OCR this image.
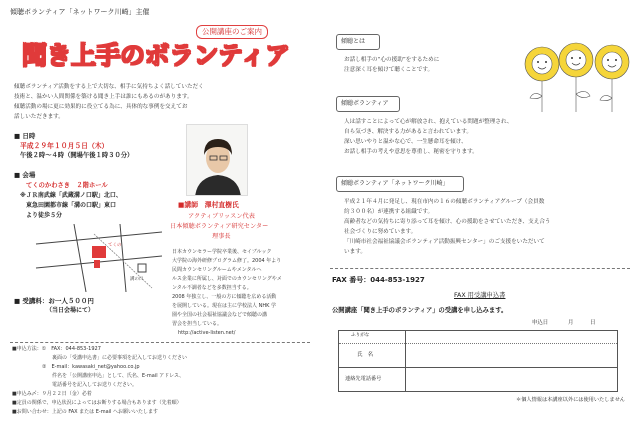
傾聴ボランティア「ネットワーク川崎」主催
公開講座のご案内
聞き上手のボランティア
傾聴ボランティア活動をする上で大切な、相手に気持ちよく話していただく
技術と、温かい人間関係を築ける聞き上手は誰にもあるのがあります。
傾聴活動の場に更に効果的に役立てる為に、具体的な事例を交えてお
話しいただきます。
■ 日時
平成２９年１０月５日（木）
午後２時～４時（開場午後１時３０分）
■ 会場
てくのかわさき　２階ホール
※ＪＲ南武線「武蔵溝ノ口駅」北口、
東急田園都市線「溝の口駅」東口
より徒歩５分
溝の口
てくの
■ 受講料：お一人５００円
（当日会場にて）
■講師　澤村直樹氏
アクティブリッスン代表
日本傾聴ボランティア研究センター
理事長
日本カウンセラー学院卒業後、セイブルック
大学院の海外研修プログラム修了。2004 年より
民間カウンセリングルームやメンタルヘ
ルス企業に所属し、対面でのカウンセリングやメ
ンタル不調者などを多数担当する。
2008 年独立し、一般の方に傾聴を広める活動
を展開している。現在は主に学校法人 NHK 学
園や全国の社会福祉協議会などで傾聴の講
習会を担当している。
http://active-listen.net/
■申込方法：①　FAX：044-853-1927
　　　　　　　　裏面の「受講申込書」に必要事項を記入してお送りください
　　　　　　②　E-mail：kawasaki_net@yahoo.co.jp
　　　　　　　　件名を「公開講座申込」として、氏名、E-mail アドレス、
　　　　　　　　電話番号を記入してお送りください。
■申込み〆：９月２２日（金）必着
■定員の関係で、申込状況によってはお断りする場合もあります（先着順）
■お問い合わせ：上記の FAX または E-mail へお願いいたします
傾聴とは
お話し相手の“心の援助”をするために
注意深く耳を傾けて聴くことです。
傾聴ボランティア
人は話すことによって心が解放され、抱えている問題が整理され、
自ら気づき、解決する力があると言われています。
深い思いやりと温かな心で、一生懸命耳を傾け、
お話し相手の考えや意思を尊重し、秘密を守ります。
傾聴ボランティア「ネットワーク川崎」
平成２１年４月に発足し、現在市内の１６の傾聴ボランティアグループ（会員数
約３００名）が連携する組織です。
高齢者などの気持ちに寄り添って耳を傾け、心の援助をさせていただき、支え合う
社会づくりに努めています。
「川崎市社会福祉協議会ボランティア活動振興センター」のご支援をいただいて
います。
FAX 番号：044-853-1927
FAX 用受講申込書
公開講座「聞き上手のボランティア」の受講を申し込みます。
申込日	月	日
ふりがな
氏　名
連絡先電話番号
＊個人情報は本講座以外には使用いたしません
